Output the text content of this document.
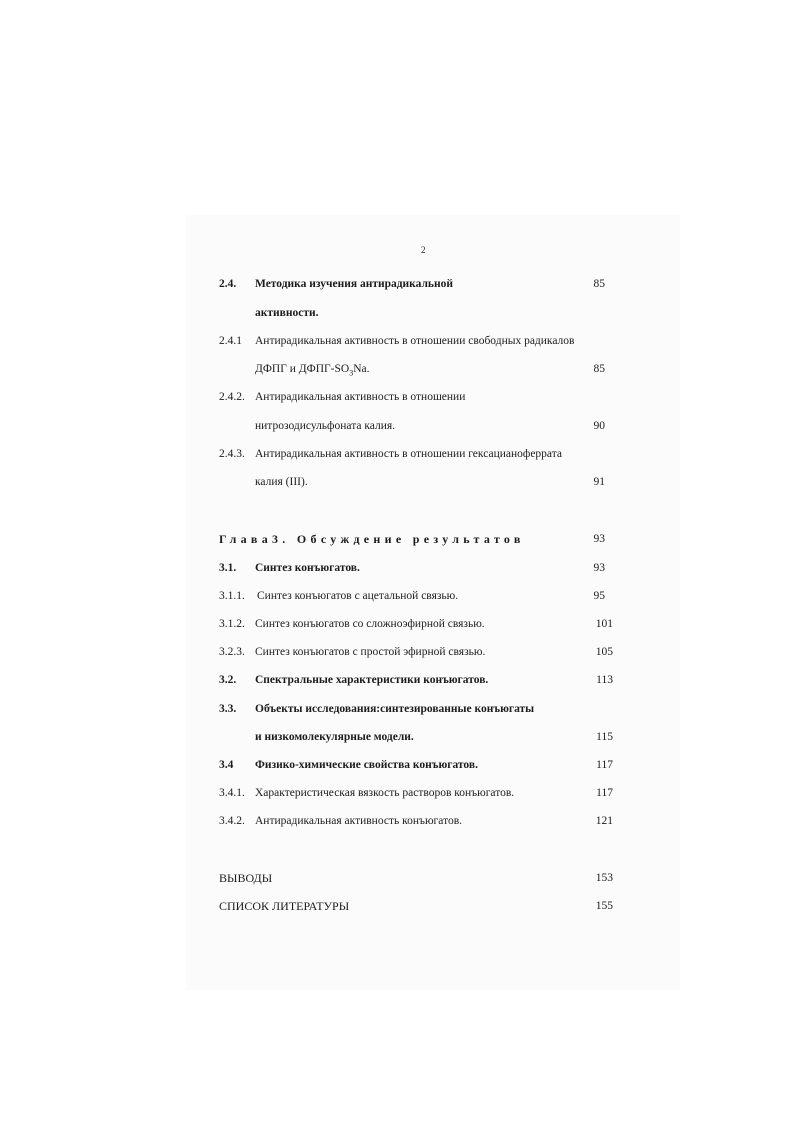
2
2.4. Методика изучения антирадикальной	85
активности.
2.4.1 Антирадикальная активность в отношении свободных радикалов
ДФПГ и ДФПГ-$SO_3Na$.	85
2.4.2. Антирадикальная активность в отношении
нитрозодисульфоната калия.	90
2.4.3. Антирадикальная активность в отношении гексацианоферрата
калия (III).	91
Глава3. Обсуждение результатов	93
3.1. Синтез конъюгатов.	93
3.1.1. Синтез конъюгатов с ацетальной связью.	95
3.1.2. Синтез конъюгатов со сложноэфирной связью.	101
3.2.3. Синтез конъюгатов с простой эфирной связью.	105
3.2. Спектральные характеристики конъюгатов.	113
3.3. Объекты исследования:синтезированные конъюгаты
и низкомолекулярные модели.	115
3.4 Физико-химические свойства конъюгатов.	117
3.4.1. Характеристическая вязкость растворов конъюгатов.	117
3.4.2. Антирадикальная активность конъюгатов.	121
ВЫВОДЫ	153
СПИСОК ЛИТЕРАТУРЫ	155
